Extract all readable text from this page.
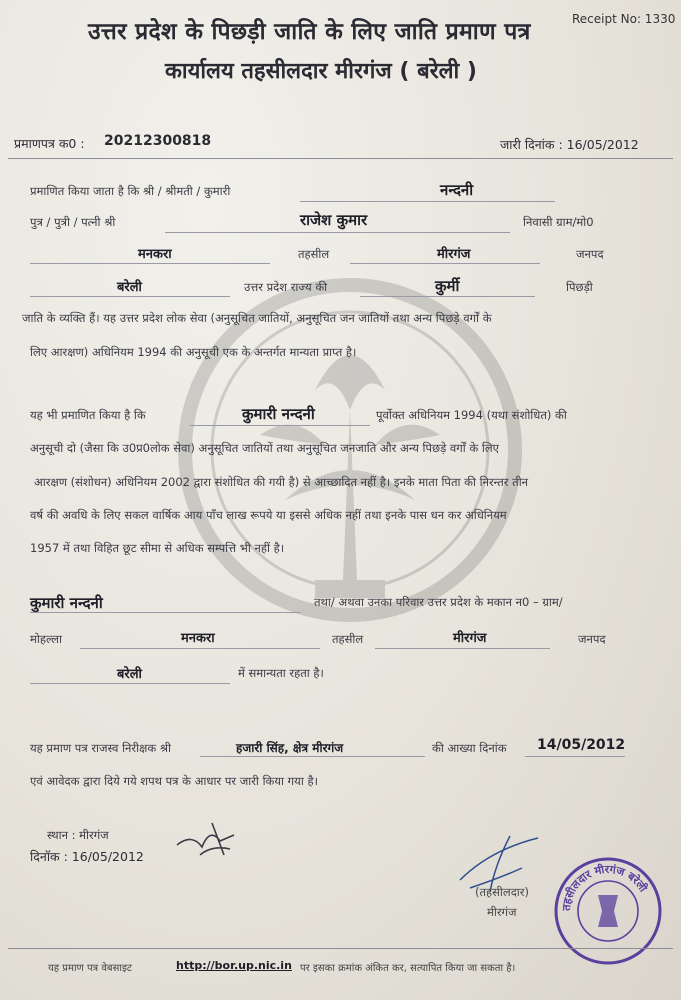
उत्तर प्रदेश के पिछड़ी जाति के लिए जाति प्रमाण पत्र
कार्यालय तहसीलदार मीरगंज ( बरेली )
Receipt No: 1330
प्रमाणपत्र क0 : 20212300818	जारी दिनांक : 16/05/2012
प्रमाणित किया जाता है कि श्री / श्रीमती / कुमारी	नन्दनी
पुत्र / पुत्री / पत्नी श्री	राजेश कुमार	निवासी ग्राम/मो0
मनकरा	तहसील	मीरगंज	जनपद
बरेली	उत्तर प्रदेश राज्य की	कुर्मी	पिछड़ी
जाति के व्यक्ति हैं। यह उत्तर प्रदेश लोक सेवा (अनुसूचित जातियों, अनुसूचित जन जातियों तथा अन्य पिछड़े वर्गों के
लिए आरक्षण) अधिनियम 1994 की अनुसूची एक के अन्तर्गत मान्यता प्राप्त है।
यह भी प्रमाणित किया है कि	कुमारी नन्दनी	पूर्वोक्त अधिनियम 1994 (यथा संशोधित) की
अनुसूची दो (जैसा कि उ0प्र0लोक सेवा) अनुसूचित जातियों तथा अनुसूचित जनजाति और अन्य पिछड़े वर्गों के लिए
आरक्षण (संशोधन) अधिनियम 2002 द्वारा संशोधित की गयी है) से आच्छादित नहीं है। इनके माता पिता की निरन्तर तीन
वर्ष की अवधि के लिए सकल वार्षिक आय पाँच लाख रूपये या इससे अधिक नहीं तथा इनके पास धन कर अधिनियम
1957 में तथा विहित छूट सीमा से अधिक सम्पत्ति भी नहीं है।
कुमारी नन्दनी	तथा/ अथवा उनका परिवार उत्तर प्रदेश के मकान न0 – ग्राम/
मोहल्ला	मनकरा	तहसील	मीरगंज	जनपद
बरेली	में समान्यता रहता है।
यह प्रमाण पत्र राजस्व निरीक्षक श्री	हजारी सिंह, क्षेत्र मीरगंज	की आख्या दिनांक 14/05/2012
एवं आवेदक द्वारा दिये गये शपथ पत्र के आधार पर जारी किया गया है।
स्थान : मीरगंज
दिनॉक : 16/05/2012
(तहसीलदार)
मीरगंज	तहसीलदार मीरगंज बरेली
यह प्रमाण पत्र वेबसाइट	http://bor.up.nic.in पर इसका क्रमांक अंकित कर, सत्यापित किया जा सकता है।
